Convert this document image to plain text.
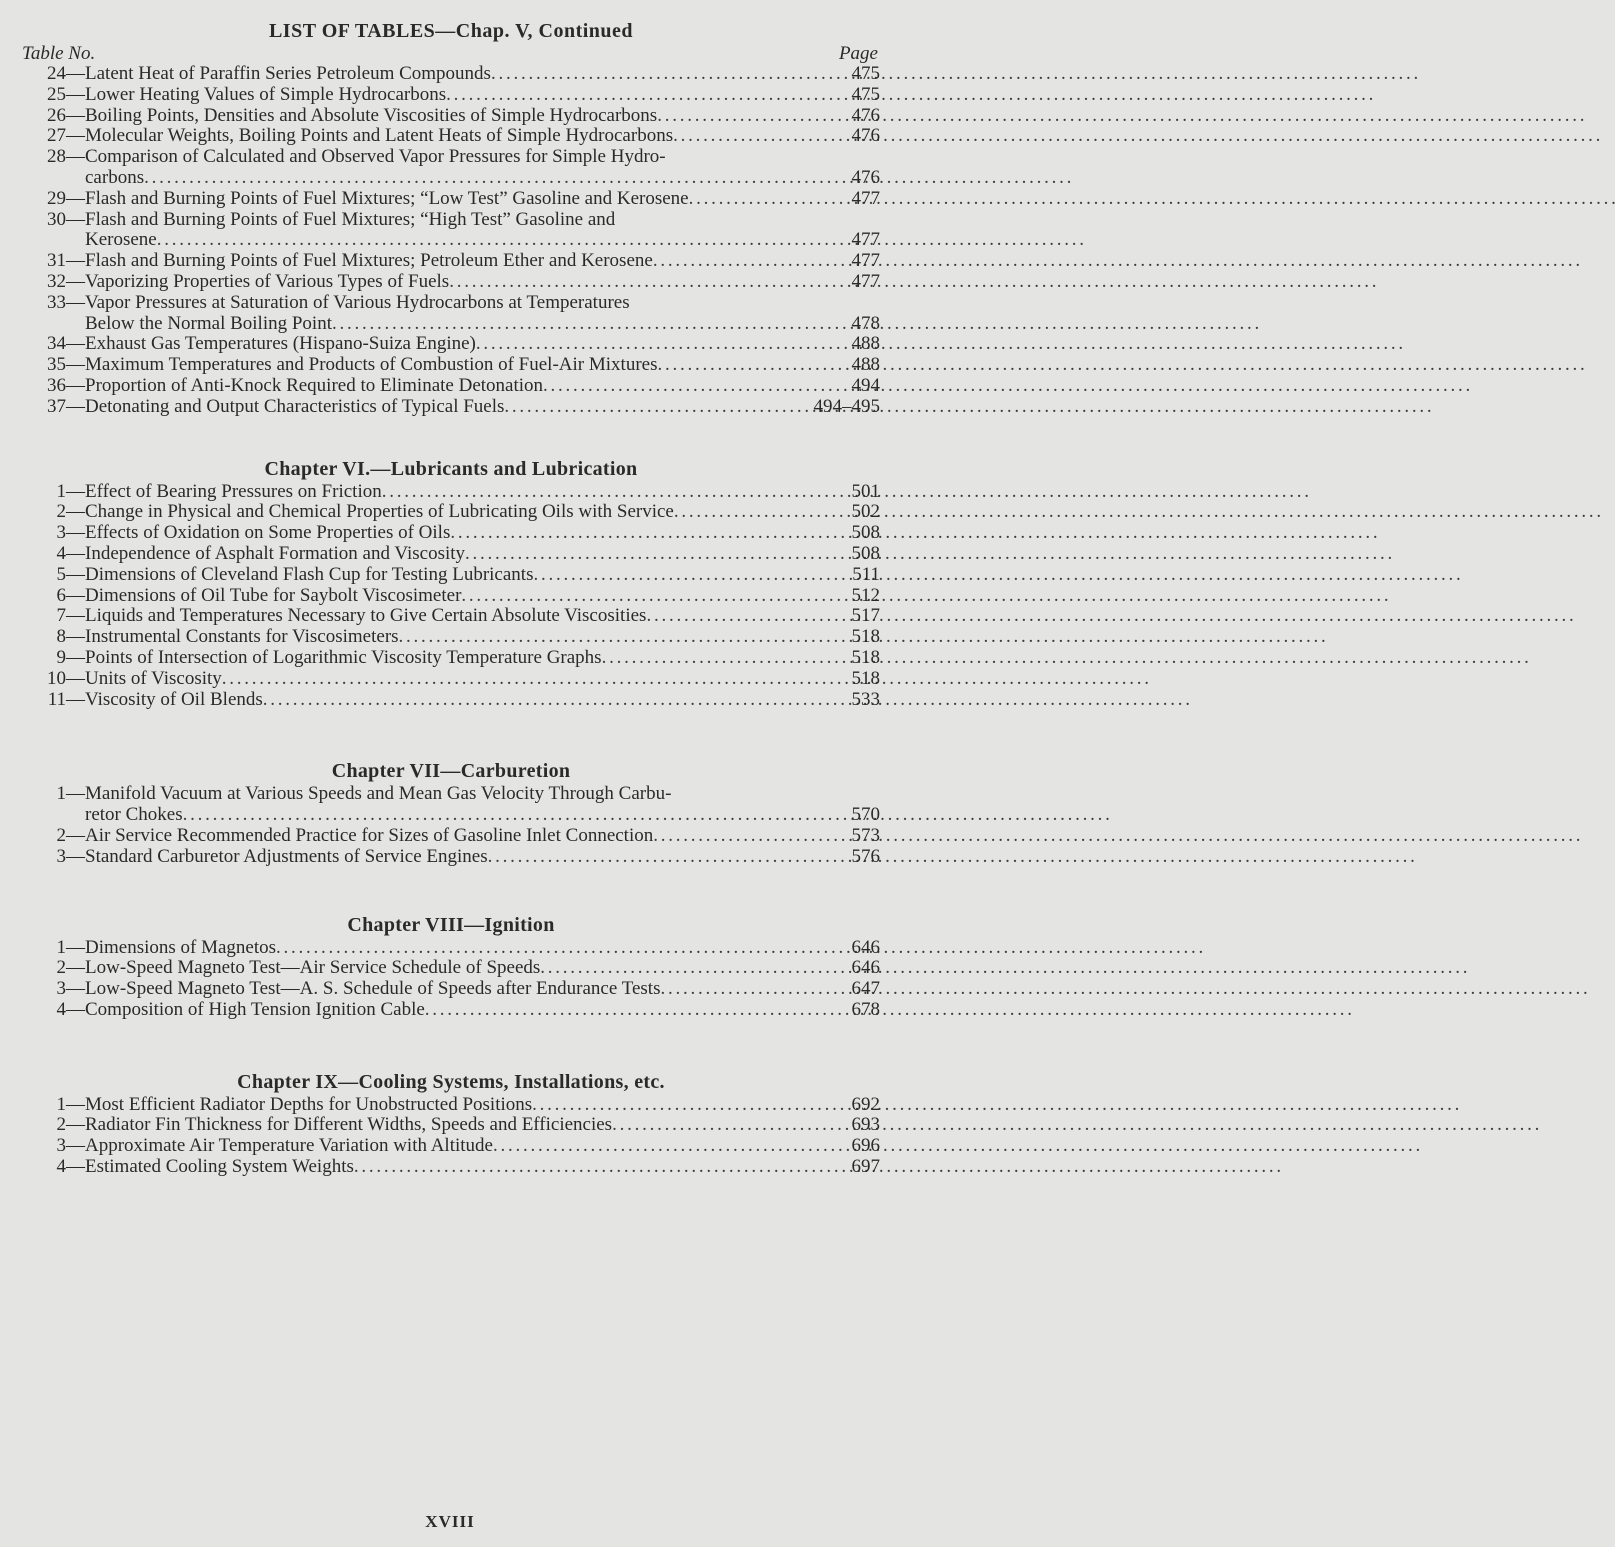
LIST OF TABLES—Chap. V, Continued
Table No.	Page
24 — Latent Heat of Paraffin Series Petroleum Compounds . . .	475
25 — Lower Heating Values of Simple Hydrocarbons . . .	475
26 — Boiling Points, Densities and Absolute Viscosities of Simple Hydrocarbons . . .	476
27 — Molecular Weights, Boiling Points and Latent Heats of Simple Hydrocarbons . . .	476
28 — Comparison of Calculated and Observed Vapor Pressures for Simple Hydro-
carbons . . .	476
29 — Flash and Burning Points of Fuel Mixtures; “Low Test” Gasoline and Kerosene . . .	477
30 — Flash and Burning Points of Fuel Mixtures; “High Test” Gasoline and
Kerosene . . .	477
31 — Flash and Burning Points of Fuel Mixtures; Petroleum Ether and Kerosene . . .	477
32 — Vaporizing Properties of Various Types of Fuels . . .	477
33 — Vapor Pressures at Saturation of Various Hydrocarbons at Temperatures
Below the Normal Boiling Point . . .	478
34 — Exhaust Gas Temperatures (Hispano-Suiza Engine) . . .	488
35 — Maximum Temperatures and Products of Combustion of Fuel-Air Mixtures . . .	488
36 — Proportion of Anti-Knock Required to Eliminate Detonation . . .	494
37 — Detonating and Output Characteristics of Typical Fuels . . .	494–495
Chapter VI.—Lubricants and Lubrication
1 — Effect of Bearing Pressures on Friction . . .	501
2 — Change in Physical and Chemical Properties of Lubricating Oils with Service . . .	502
3 — Effects of Oxidation on Some Properties of Oils . . .	508
4 — Independence of Asphalt Formation and Viscosity . . .	508
5 — Dimensions of Cleveland Flash Cup for Testing Lubricants . . .	511
6 — Dimensions of Oil Tube for Saybolt Viscosimeter . . .	512
7 — Liquids and Temperatures Necessary to Give Certain Absolute Viscosities . . .	517
8 — Instrumental Constants for Viscosimeters . . .	518
9 — Points of Intersection of Logarithmic Viscosity Temperature Graphs . . .	518
10 — Units of Viscosity . . .	518
11 — Viscosity of Oil Blends . . .	533
Chapter VII—Carburetion
1 — Manifold Vacuum at Various Speeds and Mean Gas Velocity Through Carbu-
retor Chokes . . .	570
2 — Air Service Recommended Practice for Sizes of Gasoline Inlet Connection . . .	573
3 — Standard Carburetor Adjustments of Service Engines . . .	576
Chapter VIII—Ignition
1 — Dimensions of Magnetos . . .	646
2 — Low-Speed Magneto Test—Air Service Schedule of Speeds . . .	646
3 — Low-Speed Magneto Test—A. S. Schedule of Speeds after Endurance Tests . . .	647
4 — Composition of High Tension Ignition Cable . . .	678
Chapter IX—Cooling Systems, Installations, etc.
1 — Most Efficient Radiator Depths for Unobstructed Positions . . .	692
2 — Radiator Fin Thickness for Different Widths, Speeds and Efficiencies . . .	693
3 — Approximate Air Temperature Variation with Altitude . . .	696
4 — Estimated Cooling System Weights . . .	697
XVIII
